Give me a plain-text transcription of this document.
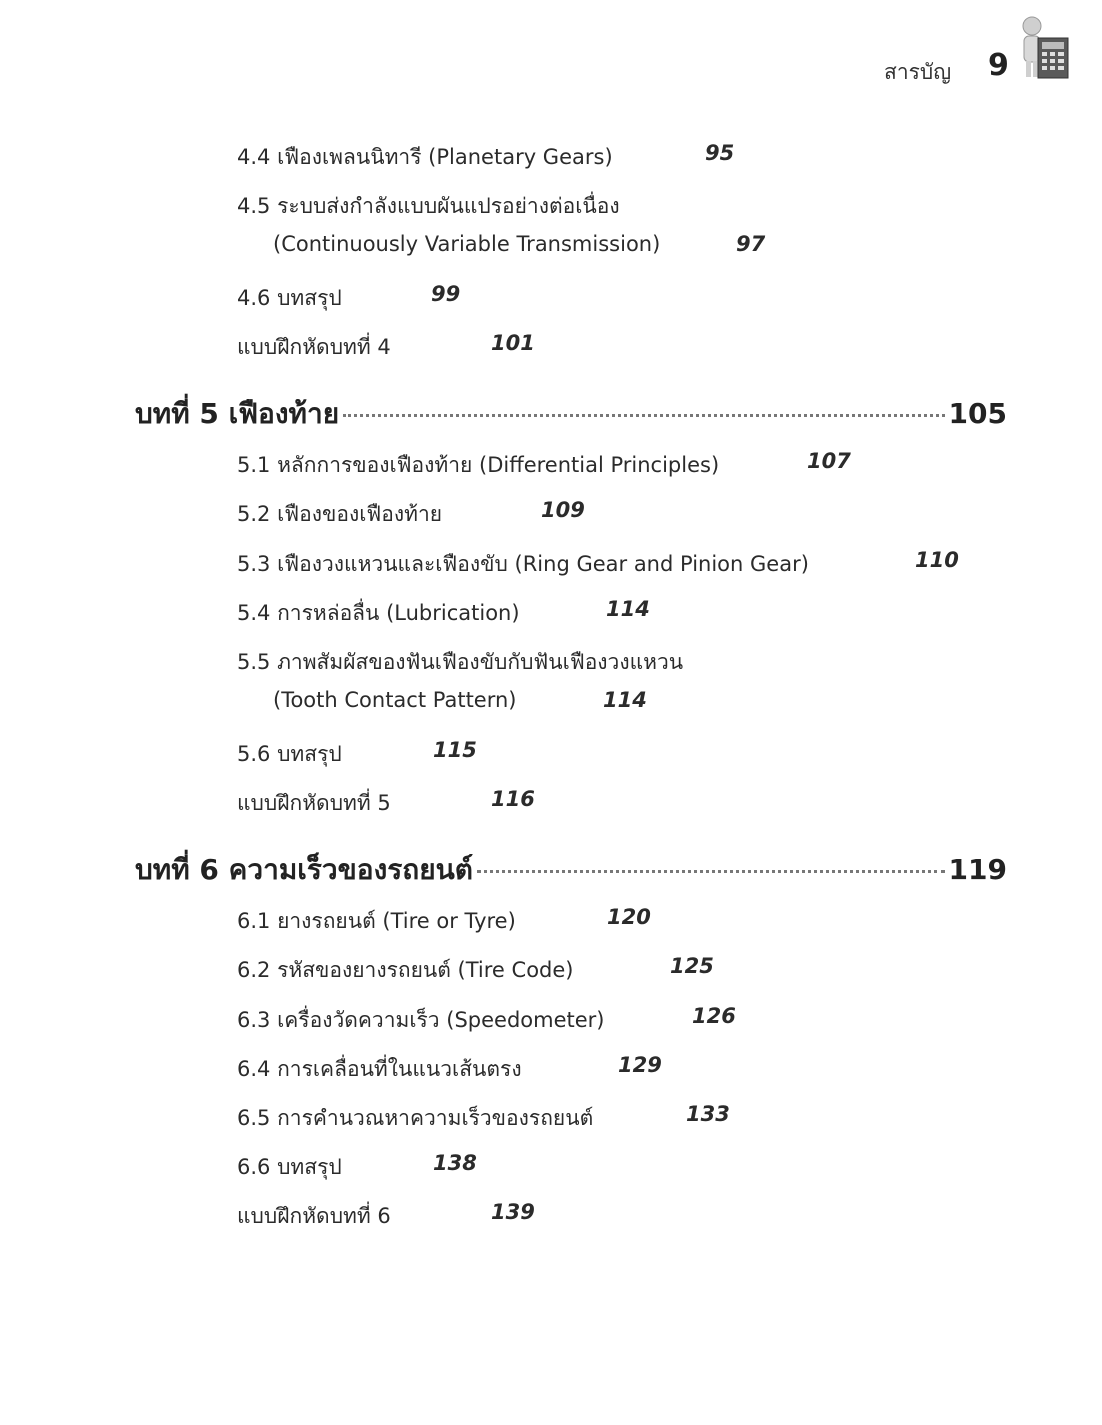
สารบัญ 9
4.4 เฟืองเพลนนิทารี (Planetary Gears)	95
4.5 ระบบส่งกำลังแบบผันแปรอย่างต่อเนื่อง
(Continuously Variable Transmission)	97
4.6 บทสรุป	99
แบบฝึกหัดบทที่ 4	101
บทที่ 5 เฟืองท้าย	105
5.1 หลักการของเฟืองท้าย (Differential Principles)	107
5.2 เฟืองของเฟืองท้าย	109
5.3 เฟืองวงแหวนและเฟืองขับ (Ring Gear and Pinion Gear)	110
5.4 การหล่อลื่น (Lubrication)	114
5.5 ภาพสัมผัสของฟันเฟืองขับกับฟันเฟืองวงแหวน
(Tooth Contact Pattern)	114
5.6 บทสรุป	115
แบบฝึกหัดบทที่ 5	116
บทที่ 6 ความเร็วของรถยนต์	119
6.1 ยางรถยนต์ (Tire or Tyre)	120
6.2 รหัสของยางรถยนต์ (Tire Code)	125
6.3 เครื่องวัดความเร็ว (Speedometer)	126
6.4 การเคลื่อนที่ในแนวเส้นตรง	129
6.5 การคำนวณหาความเร็วของรถยนต์	133
6.6 บทสรุป	138
แบบฝึกหัดบทที่ 6	139
